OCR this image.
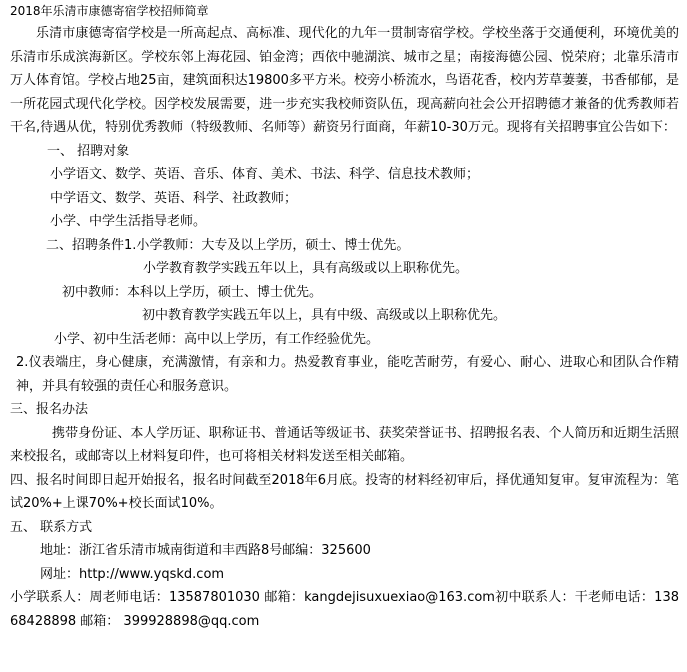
2018年乐清市康德寄宿学校招师简章

乐清市康德寄宿学校是一所高起点、高标准、现代化的九年一贯制寄宿学校。学校坐落于交通便利，环境优美的乐清市乐成滨海新区。学校东邻上海花园、铂金湾；西依中驰湖滨、城市之星；南接海德公园、悦荣府；北靠乐清市万人体育馆。学校占地25亩，建筑面积达19800多平方米。校旁小桥流水，鸟语花香，校内芳草萋萋，书香郁郁，是一所花园式现代化学校。因学校发展需要，进一步充实我校师资队伍，现高薪向社会公开招聘德才兼备的优秀教师若干名,待遇从优，特别优秀教师（特级教师、名师等）薪资另行面商，年薪10-30万元。现将有关招聘事宜公告如下：

一、 招聘对象
小学语文、数学、英语、音乐、体育、美术、书法、科学、信息技术教师；
中学语文、数学、英语、科学、社政教师；
小学、中学生活指导老师。
二、招聘条件1.小学教师：大专及以上学历，硕士、博士优先。
小学教育教学实践五年以上，具有高级或以上职称优先。
初中教师：本科以上学历，硕士、博士优先。
初中教育教学实践五年以上，具有中级、高级或以上职称优先。
小学、初中生活老师：高中以上学历，有工作经验优先。

2.仪表端庄，身心健康，充满激情，有亲和力。热爱教育事业，能吃苦耐劳，有爱心、耐心、进取心和团队合作精神，并具有较强的责任心和服务意识。

三、报名办法

携带身份证、本人学历证、职称证书、普通话等级证书、获奖荣誉证书、招聘报名表、个人简历和近期生活照来校报名，或邮寄以上材料复印件，也可将相关材料发送至相关邮箱。

四、报名时间即日起开始报名，报名时间截至2018年6月底。投寄的材料经初审后，择优通知复审。复审流程为：笔试20%+上课70%+校长面试10%。

五、 联系方式
地址：浙江省乐清市城南街道和丰西路8号邮编：325600
网址：http://www.yqskd.com

小学联系人：周老师电话：13587801030 邮箱：kangdejisuxuexiao@163.com初中联系人：干老师电话：13868428898 邮箱： 399928898@qq.com
